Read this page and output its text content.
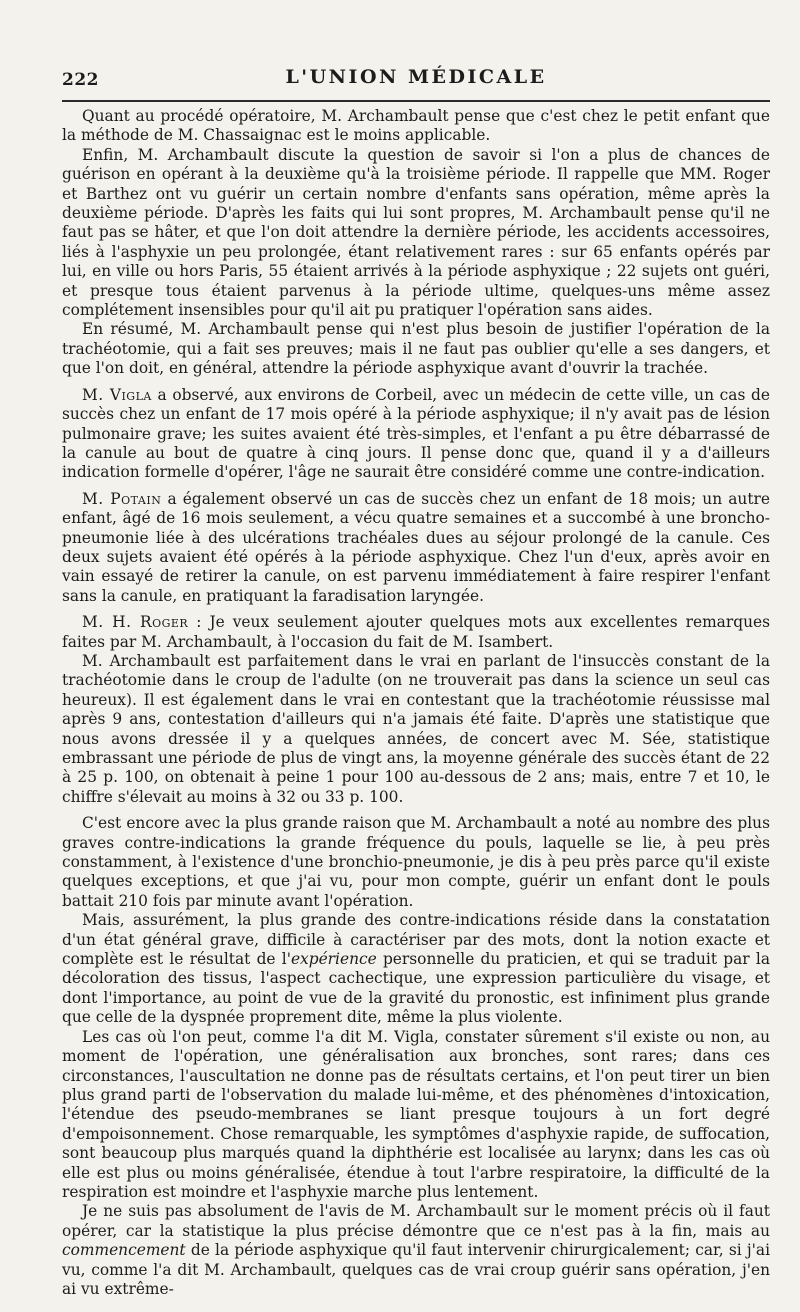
222	L'UNION MÉDICALE

Quant au procédé opératoire, M. Archambault pense que c'est chez le petit enfant que la méthode de M. Chassaignac est le moins applicable.

Enfin, M. Archambault discute la question de savoir si l'on a plus de chances de guérison en opérant à la deuxième qu'à la troisième période. Il rappelle que MM. Roger et Barthez ont vu guérir un certain nombre d'enfants sans opération, même après la deuxième période. D'après les faits qui lui sont propres, M. Archambault pense qu'il ne faut pas se hâter, et que l'on doit attendre la dernière période, les accidents accessoires, liés à l'asphyxie un peu prolongée, étant relativement rares : sur 65 enfants opérés par lui, en ville ou hors Paris, 55 étaient arrivés à la période asphyxique ; 22 sujets ont guéri, et presque tous étaient parvenus à la période ultime, quelques-uns même assez complétement insensibles pour qu'il ait pu pratiquer l'opération sans aides.

En résumé, M. Archambault pense qui n'est plus besoin de justifier l'opération de la trachéotomie, qui a fait ses preuves; mais il ne faut pas oublier qu'elle a ses dangers, et que l'on doit, en général, attendre la période asphyxique avant d'ouvrir la trachée.

M. Vigla a observé, aux environs de Corbeil, avec un médecin de cette ville, un cas de succès chez un enfant de 17 mois opéré à la période asphyxique; il n'y avait pas de lésion pulmonaire grave; les suites avaient été très-simples, et l'enfant a pu être débarrassé de la canule au bout de quatre à cinq jours. Il pense donc que, quand il y a d'ailleurs indication formelle d'opérer, l'âge ne saurait être considéré comme une contre-indication.

M. Potain a également observé un cas de succès chez un enfant de 18 mois; un autre enfant, âgé de 16 mois seulement, a vécu quatre semaines et a succombé à une broncho-pneumonie liée à des ulcérations trachéales dues au séjour prolongé de la canule. Ces deux sujets avaient été opérés à la période asphyxique. Chez l'un d'eux, après avoir en vain essayé de retirer la canule, on est parvenu immédiatement à faire respirer l'enfant sans la canule, en pratiquant la faradisation laryngée.

M. H. Roger : Je veux seulement ajouter quelques mots aux excellentes remarques faites par M. Archambault, à l'occasion du fait de M. Isambert.

M. Archambault est parfaitement dans le vrai en parlant de l'insuccès constant de la trachéotomie dans le croup de l'adulte (on ne trouverait pas dans la science un seul cas heureux). Il est également dans le vrai en contestant que la trachéotomie réussisse mal après 9 ans, contestation d'ailleurs qui n'a jamais été faite. D'après une statistique que nous avons dressée il y a quelques années, de concert avec M. Sée, statistique embrassant une période de plus de vingt ans, la moyenne générale des succès étant de 22 à 25 p. 100, on obtenait à peine 1 pour 100 au-dessous de 2 ans; mais, entre 7 et 10, le chiffre s'élevait au moins à 32 ou 33 p. 100.

C'est encore avec la plus grande raison que M. Archambault a noté au nombre des plus graves contre-indications la grande fréquence du pouls, laquelle se lie, à peu près constamment, à l'existence d'une bronchio-pneumonie, je dis à peu près parce qu'il existe quelques exceptions, et que j'ai vu, pour mon compte, guérir un enfant dont le pouls battait 210 fois par minute avant l'opération.

Mais, assurément, la plus grande des contre-indications réside dans la constatation d'un état général grave, difficile à caractériser par des mots, dont la notion exacte et complète est le résultat de l'expérience personnelle du praticien, et qui se traduit par la décoloration des tissus, l'aspect cachectique, une expression particulière du visage, et dont l'importance, au point de vue de la gravité du pronostic, est infiniment plus grande que celle de la dyspnée proprement dite, même la plus violente.

Les cas où l'on peut, comme l'a dit M. Vigla, constater sûrement s'il existe ou non, au moment de l'opération, une généralisation aux bronches, sont rares; dans ces circonstances, l'auscultation ne donne pas de résultats certains, et l'on peut tirer un bien plus grand parti de l'observation du malade lui-même, et des phénomènes d'intoxication, l'étendue des pseudo-membranes se liant presque toujours à un fort degré d'empoisonnement. Chose remarquable, les symptômes d'asphyxie rapide, de suffocation, sont beaucoup plus marqués quand la diphthérie est localisée au larynx; dans les cas où elle est plus ou moins généralisée, étendue à tout l'arbre respiratoire, la difficulté de la respiration est moindre et l'asphyxie marche plus lentement.

Je ne suis pas absolument de l'avis de M. Archambault sur le moment précis où il faut opérer, car la statistique la plus précise démontre que ce n'est pas à la fin, mais au commencement de la période asphyxique qu'il faut intervenir chirurgicalement; car, si j'ai vu, comme l'a dit M. Archambault, quelques cas de vrai croup guérir sans opération, j'en ai vu extrême-
